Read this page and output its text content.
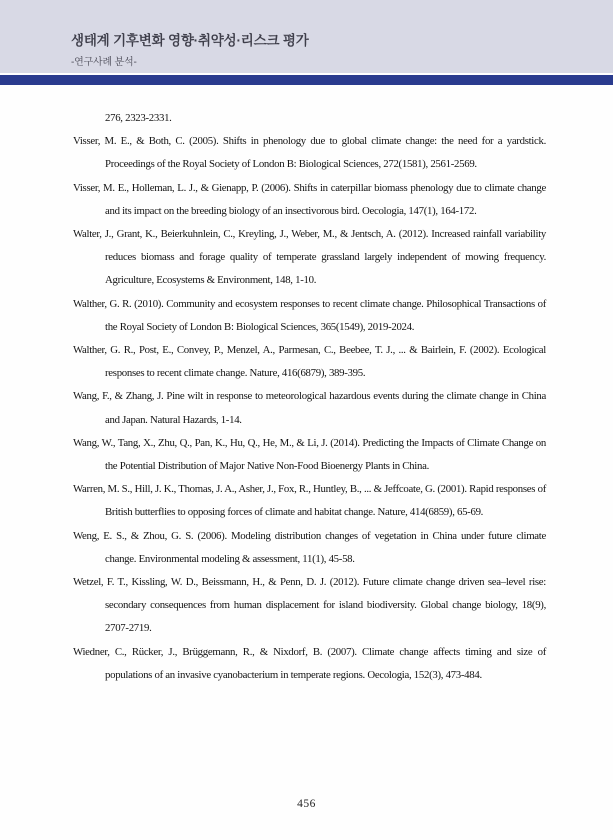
생태계 기후변화 영향·취약성·리스크 평가
-연구사례 분석-

276, 2323-2331.

Visser, M. E., & Both, C. (2005). Shifts in phenology due to global climate change: the need for a yardstick. Proceedings of the Royal Society of London B: Biological Sciences, 272(1581), 2561-2569.

Visser, M. E., Holleman, L. J., & Gienapp, P. (2006). Shifts in caterpillar biomass phenology due to climate change and its impact on the breeding biology of an insectivorous bird. Oecologia, 147(1), 164-172.

Walter, J., Grant, K., Beierkuhnlein, C., Kreyling, J., Weber, M., & Jentsch, A. (2012). Increased rainfall variability reduces biomass and forage quality of temperate grassland largely independent of mowing frequency. Agriculture, Ecosystems & Environment, 148, 1-10.

Walther, G. R. (2010). Community and ecosystem responses to recent climate change. Philosophical Transactions of the Royal Society of London B: Biological Sciences, 365(1549), 2019-2024.

Walther, G. R., Post, E., Convey, P., Menzel, A., Parmesan, C., Beebee, T. J., ... & Bairlein, F. (2002). Ecological responses to recent climate change. Nature, 416(6879), 389-395.

Wang, F., & Zhang, J. Pine wilt in response to meteorological hazardous events during the climate change in China and Japan. Natural Hazards, 1-14.

Wang, W., Tang, X., Zhu, Q., Pan, K., Hu, Q., He, M., & Li, J. (2014). Predicting the Impacts of Climate Change on the Potential Distribution of Major Native Non-Food Bioenergy Plants in China.

Warren, M. S., Hill, J. K., Thomas, J. A., Asher, J., Fox, R., Huntley, B., ... & Jeffcoate, G. (2001). Rapid responses of British butterflies to opposing forces of climate and habitat change. Nature, 414(6859), 65-69.

Weng, E. S., & Zhou, G. S. (2006). Modeling distribution changes of vegetation in China under future climate change. Environmental modeling & assessment, 11(1), 45-58.

Wetzel, F. T., Kissling, W. D., Beissmann, H., & Penn, D. J. (2012). Future climate change driven sea–level rise: secondary consequences from human displacement for island biodiversity. Global change biology, 18(9), 2707-2719.

Wiedner, C., Rücker, J., Brüggemann, R., & Nixdorf, B. (2007). Climate change affects timing and size of populations of an invasive cyanobacterium in temperate regions. Oecologia, 152(3), 473-484.

456
